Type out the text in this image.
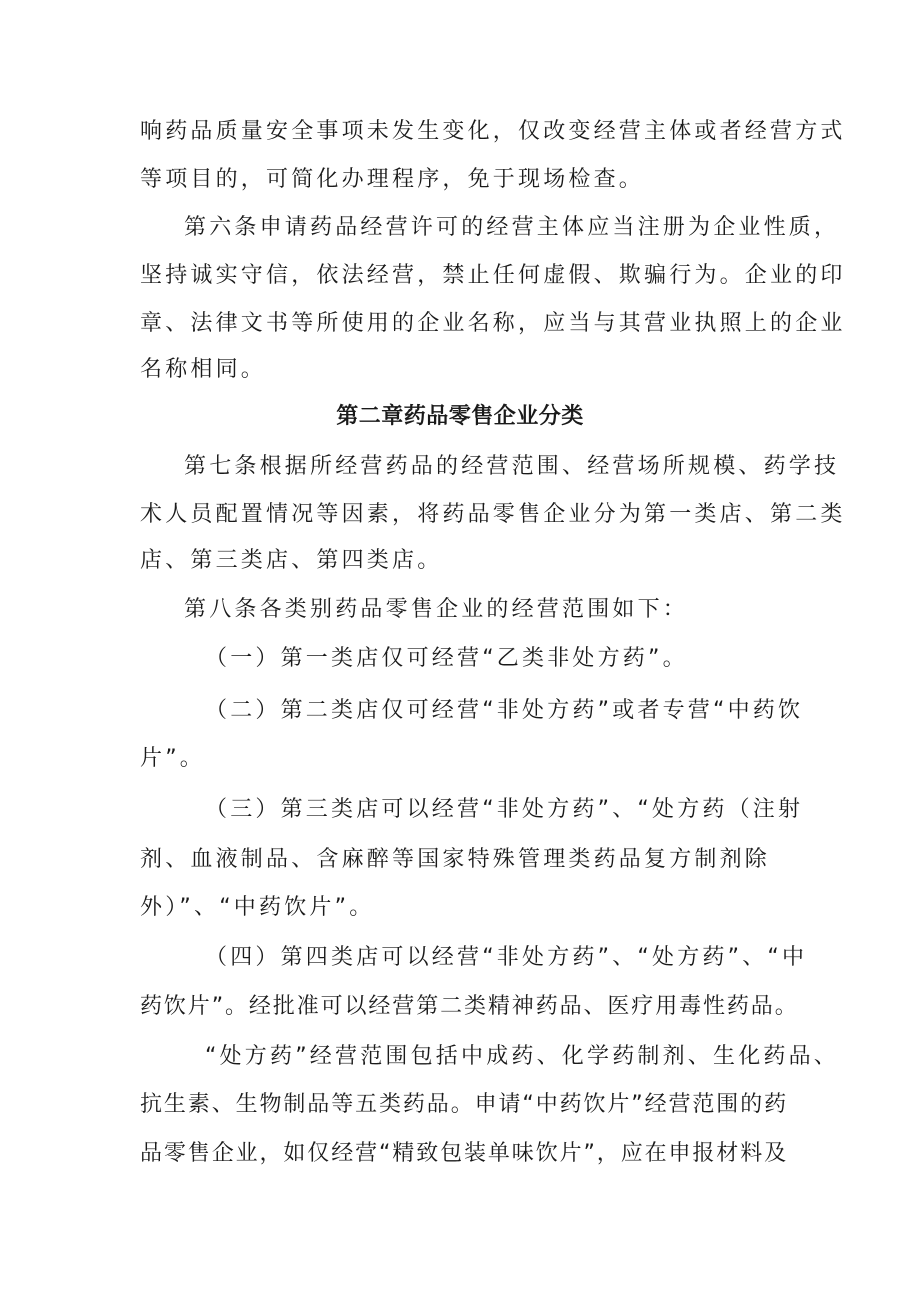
响药品质量安全事项未发生变化，仅改变经营主体或者经营方式
等项目的，可简化办理程序，免于现场检查。
第六条申请药品经营许可的经营主体应当注册为企业性质，
坚持诚实守信，依法经营，禁止任何虚假、欺骗行为。企业的印
章、法律文书等所使用的企业名称，应当与其营业执照上的企业
名称相同。
第二章药品零售企业分类
第七条根据所经营药品的经营范围、经营场所规模、药学技
术人员配置情况等因素，将药品零售企业分为第一类店、第二类
店、第三类店、第四类店。
第八条各类别药品零售企业的经营范围如下：
（一）第一类店仅可经营“乙类非处方药”。
（二）第二类店仅可经营“非处方药”或者专营“中药饮
片”。
（三）第三类店可以经营“非处方药”、“处方药（注射
剂、血液制品、含麻醉等国家特殊管理类药品复方制剂除
外）”、“中药饮片”。
（四）第四类店可以经营“非处方药”、“处方药”、“中
药饮片”。经批准可以经营第二类精神药品、医疗用毒性药品。
“处方药”经营范围包括中成药、化学药制剂、生化药品、
抗生素、生物制品等五类药品。申请“中药饮片”经营范围的药
品零售企业，如仅经营“精致包装单味饮片”，应在申报材料及
